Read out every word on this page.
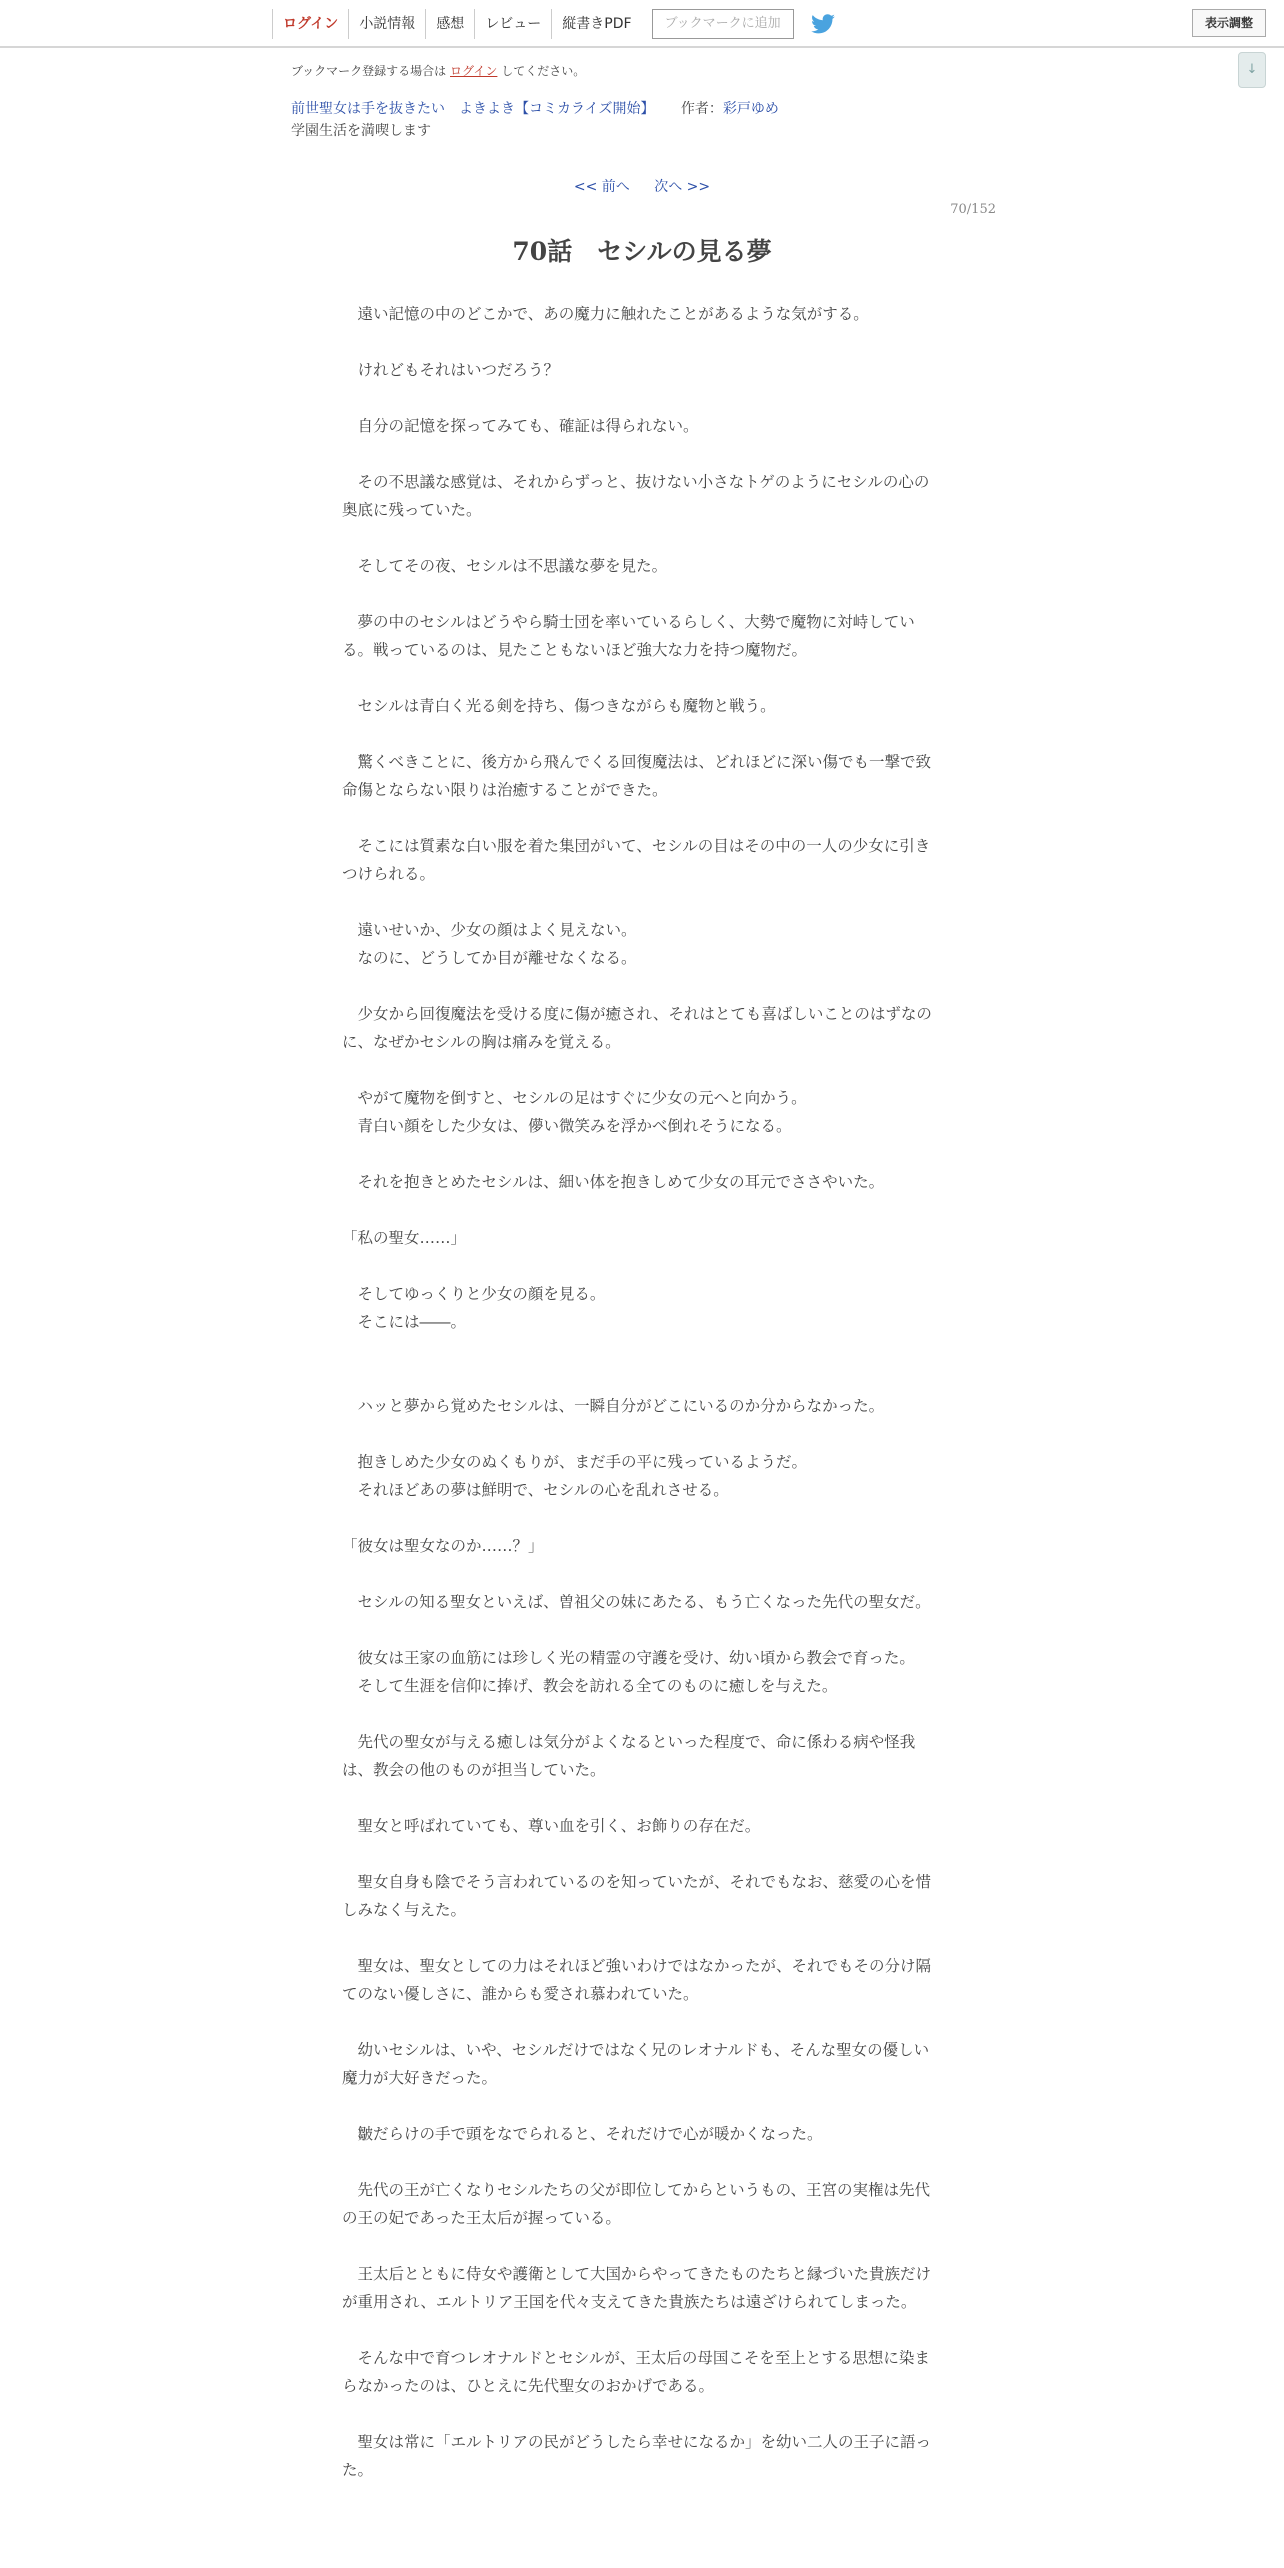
ログイン	小説情報	感想	レビュー	縦書きPDF	ブックマークに追加	表示調整
↓
ブックマーク登録する場合は ログイン してください。
前世聖女は手を抜きたい　よきよき【コミカライズ開始】 作者：彩戸ゆめ
学園生活を満喫します
<< 前へ 次へ >>
70/152
70話　セシルの見る夢

　遠い記憶の中のどこかで、あの魔力に触れたことがあるような気がする。

　けれどもそれはいつだろう？

　自分の記憶を探ってみても、確証は得られない。

　その不思議な感覚は、それからずっと、抜けない小さなトゲのようにセシルの心の奥底に残っていた。

　そしてその夜、セシルは不思議な夢を見た。

　夢の中のセシルはどうやら騎士団を率いているらしく、大勢で魔物に対峙している。戦っているのは、見たこともないほど強大な力を持つ魔物だ。

　セシルは青白く光る剣を持ち、傷つきながらも魔物と戦う。

　驚くべきことに、後方から飛んでくる回復魔法は、どれほどに深い傷でも一撃で致命傷とならない限りは治癒することができた。

　そこには質素な白い服を着た集団がいて、セシルの目はその中の一人の少女に引きつけられる。

　遠いせいか、少女の顔はよく見えない。

　なのに、どうしてか目が離せなくなる。

　少女から回復魔法を受ける度に傷が癒され、それはとても喜ばしいことのはずなのに、なぜかセシルの胸は痛みを覚える。

　やがて魔物を倒すと、セシルの足はすぐに少女の元へと向かう。

　青白い顔をした少女は、儚い微笑みを浮かべ倒れそうになる。

　それを抱きとめたセシルは、細い体を抱きしめて少女の耳元でささやいた。

「私の聖女……」

　そしてゆっくりと少女の顔を見る。

　そこには――。

　ハッと夢から覚めたセシルは、一瞬自分がどこにいるのか分からなかった。

　抱きしめた少女のぬくもりが、まだ手の平に残っているようだ。

　それほどあの夢は鮮明で、セシルの心を乱れさせる。

「彼女は聖女なのか……？」

　セシルの知る聖女といえば、曽祖父の妹にあたる、もう亡くなった先代の聖女だ。

　彼女は王家の血筋には珍しく光の精霊の守護を受け、幼い頃から教会で育った。

　そして生涯を信仰に捧げ、教会を訪れる全てのものに癒しを与えた。

　先代の聖女が与える癒しは気分がよくなるといった程度で、命に係わる病や怪我は、教会の他のものが担当していた。

　聖女と呼ばれていても、尊い血を引く、お飾りの存在だ。

　聖女自身も陰でそう言われているのを知っていたが、それでもなお、慈愛の心を惜しみなく与えた。

　聖女は、聖女としての力はそれほど強いわけではなかったが、それでもその分け隔てのない優しさに、誰からも愛され慕われていた。

　幼いセシルは、いや、セシルだけではなく兄のレオナルドも、そんな聖女の優しい魔力が大好きだった。

　皺だらけの手で頭をなでられると、それだけで心が暖かくなった。

　先代の王が亡くなりセシルたちの父が即位してからというもの、王宮の実権は先代の王の妃であった王太后が握っている。

　王太后とともに侍女や護衛として大国からやってきたものたちと縁づいた貴族だけが重用され、エルトリア王国を代々支えてきた貴族たちは遠ざけられてしまった。

　そんな中で育つレオナルドとセシルが、王太后の母国こそを至上とする思想に染まらなかったのは、ひとえに先代聖女のおかげである。

　聖女は常に「エルトリアの民がどうしたら幸せになるか」を幼い二人の王子に語った。
